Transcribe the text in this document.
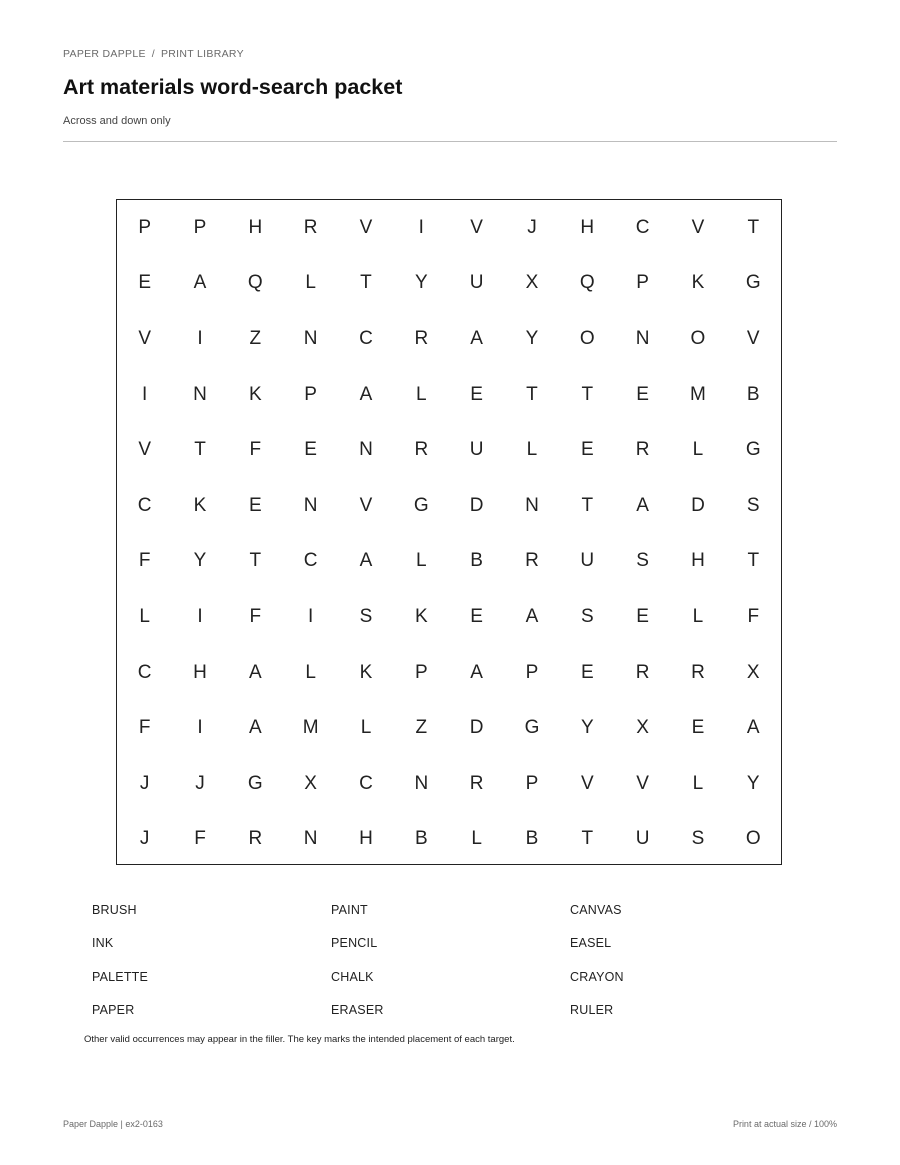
PAPER DAPPLE / PRINT LIBRARY
Art materials word-search packet
Across and down only
P	P	H	R	V	I	V	J	H	C	V	T
E	A	Q	L	T	Y	U	X	Q	P	K	G
V	I	Z	N	C	R	A	Y	O	N	O	V
I	N	K	P	A	L	E	T	T	E	M	B
V	T	F	E	N	R	U	L	E	R	L	G
C	K	E	N	V	G	D	N	T	A	D	S
F	Y	T	C	A	L	B	R	U	S	H	T
L	I	F	I	S	K	E	A	S	E	L	F
C	H	A	L	K	P	A	P	E	R	R	X
F	I	A	M	L	Z	D	G	Y	X	E	A
J	J	G	X	C	N	R	P	V	V	L	Y
J	F	R	N	H	B	L	B	T	U	S	O
BRUSH	PAINT	CANVAS
INK	PENCIL	EASEL
PALETTE	CHALK	CRAYON
PAPER	ERASER	RULER
Other valid occurrences may appear in the filler. The key marks the intended placement of each target.
Paper Dapple | ex2-0163	Print at actual size / 100%
